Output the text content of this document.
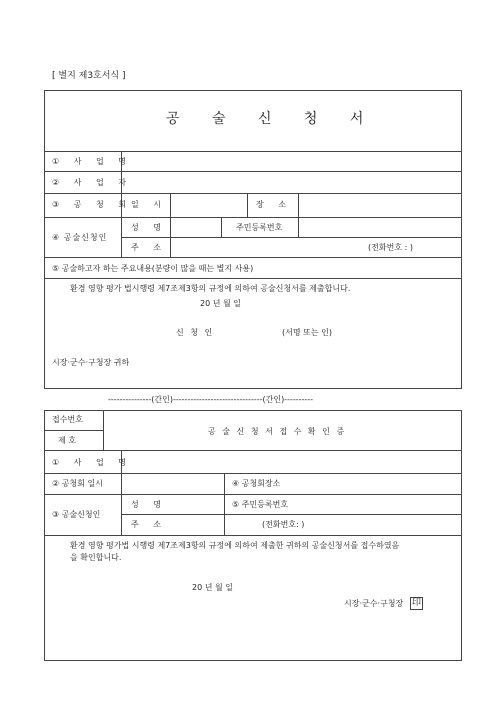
[ 별지 제3호서식 ]
공 술 신 청 서
① 사 업 명
② 사 업 자
③ 공 청 회 일 시	장 소
④ 공술신청인
성 명	주민등록번호
주 소	(전화번호 : )
⑤ 공술하고자 하는 주요내용(분량이 많을 때는 별지 사용)
환경 영향 평가 법시행령 제7조제3항의 규정에 의하여 공술신청서를 제출합니다.
20 년 월 일
신 청 인	(서명 또는 인)
시장·군수·구청장 귀하
---------------(간인)-------------------------------(간인)----------
접수번호
제 호
공 술 신 청 서 접 수 확 인 증
① 사 업 명
② 공청회 일시	④ 공청회장소
③ 공술신청인
성 명	⑤ 주민등록번호
주 소	(전화번호: )
환경 영향 평가법 시행령 제7조제3항의 규정에 의하여 제출한 귀하의 공술신청서를 접수하였음
을 확인합니다.
20 년 월 일
시장·군수·구청장 印
